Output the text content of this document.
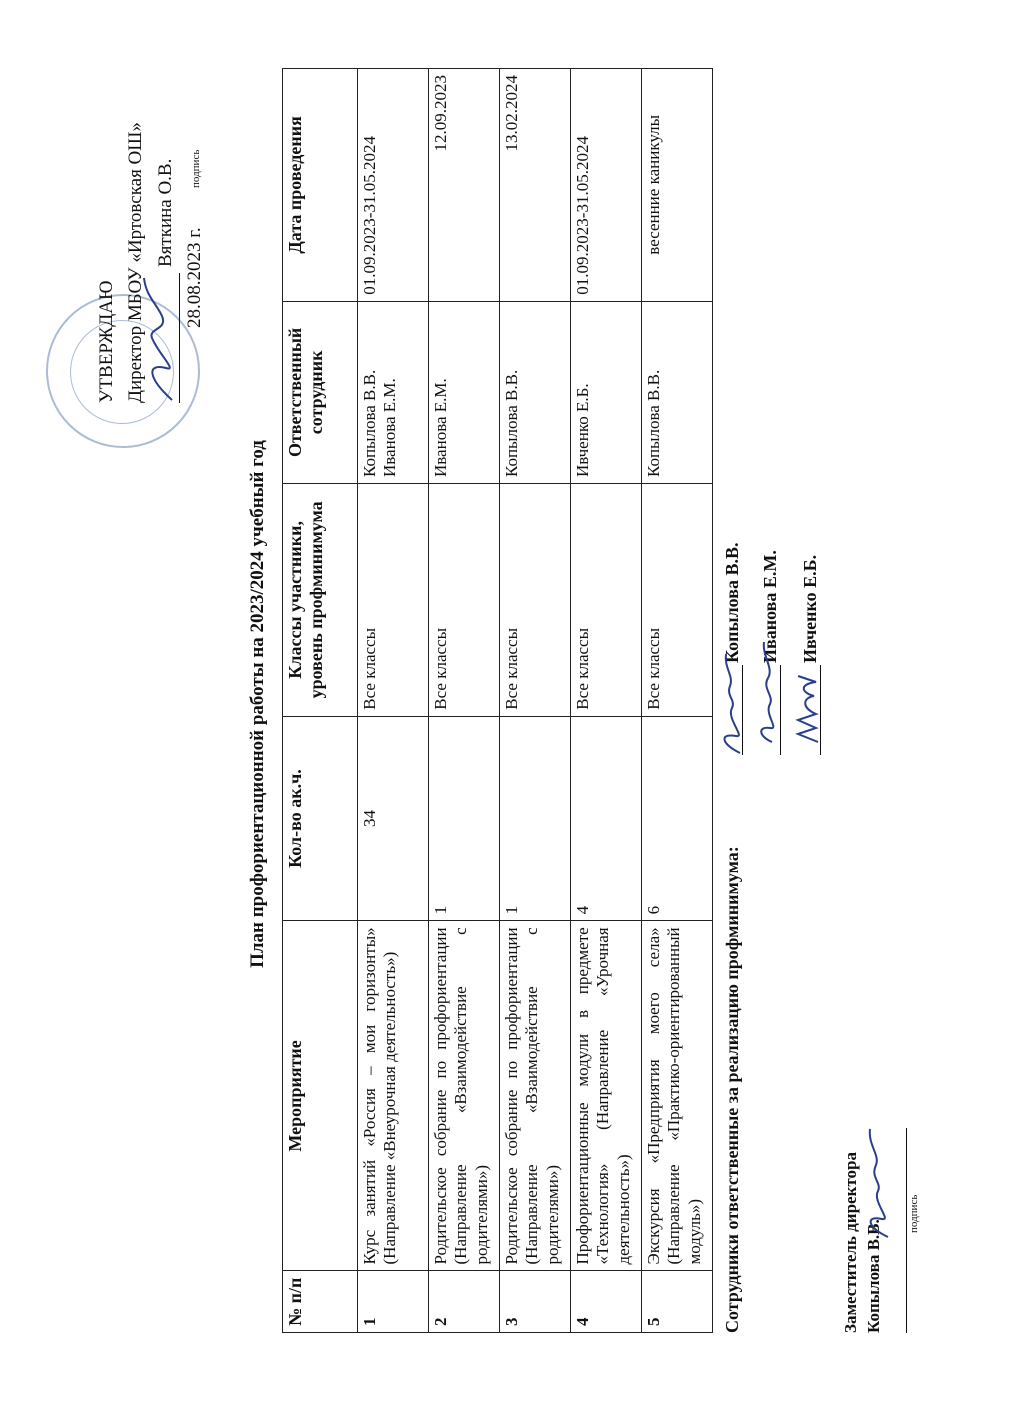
УТВЕРЖДАЮ Директор МБОУ «Иртовская ОШ» Вяткина О.В.	подпись
28.08.2023 г.
План профориентационной работы на 2023/2024 учебный год
№ п/п	Мероприятие	Кол-во ак.ч.	Классы участники, уровень профминимума	Ответственный сотрудник	Дата проведения
1	Курс занятий «Россия – мои горизонты» (Направление «Внеурочная деятельность»)	34	Все классы	Копылова В.В. Иванова Е.М.	01.09.2023-31.05.2024
2	Родительское собрание по профориентации (Направление «Взаимодействие с родителями»)	1	Все классы	Иванова Е.М.	12.09.2023
3	Родительское собрание по профориентации (Направление «Взаимодействие с родителями»)	1	Все классы	Копылова В.В.	13.02.2024
4	Профориентационные модули в предмете «Технология» (Направление «Урочная деятельность»)	4	Все классы	Ивченко Е.Б.	01.09.2023-31.05.2024
5	Экскурсия «Предприятия моего села» (Направление «Практико-ориентированный модуль»)	6	Все классы	Копылова В.В.	весенние каникулы
Сотрудники ответственные за реализацию профминимума:
Копылова В.В. Иванова Е.М. Ивченко Е.Б.
Заместитель директора Копылова В.В.
подпись
